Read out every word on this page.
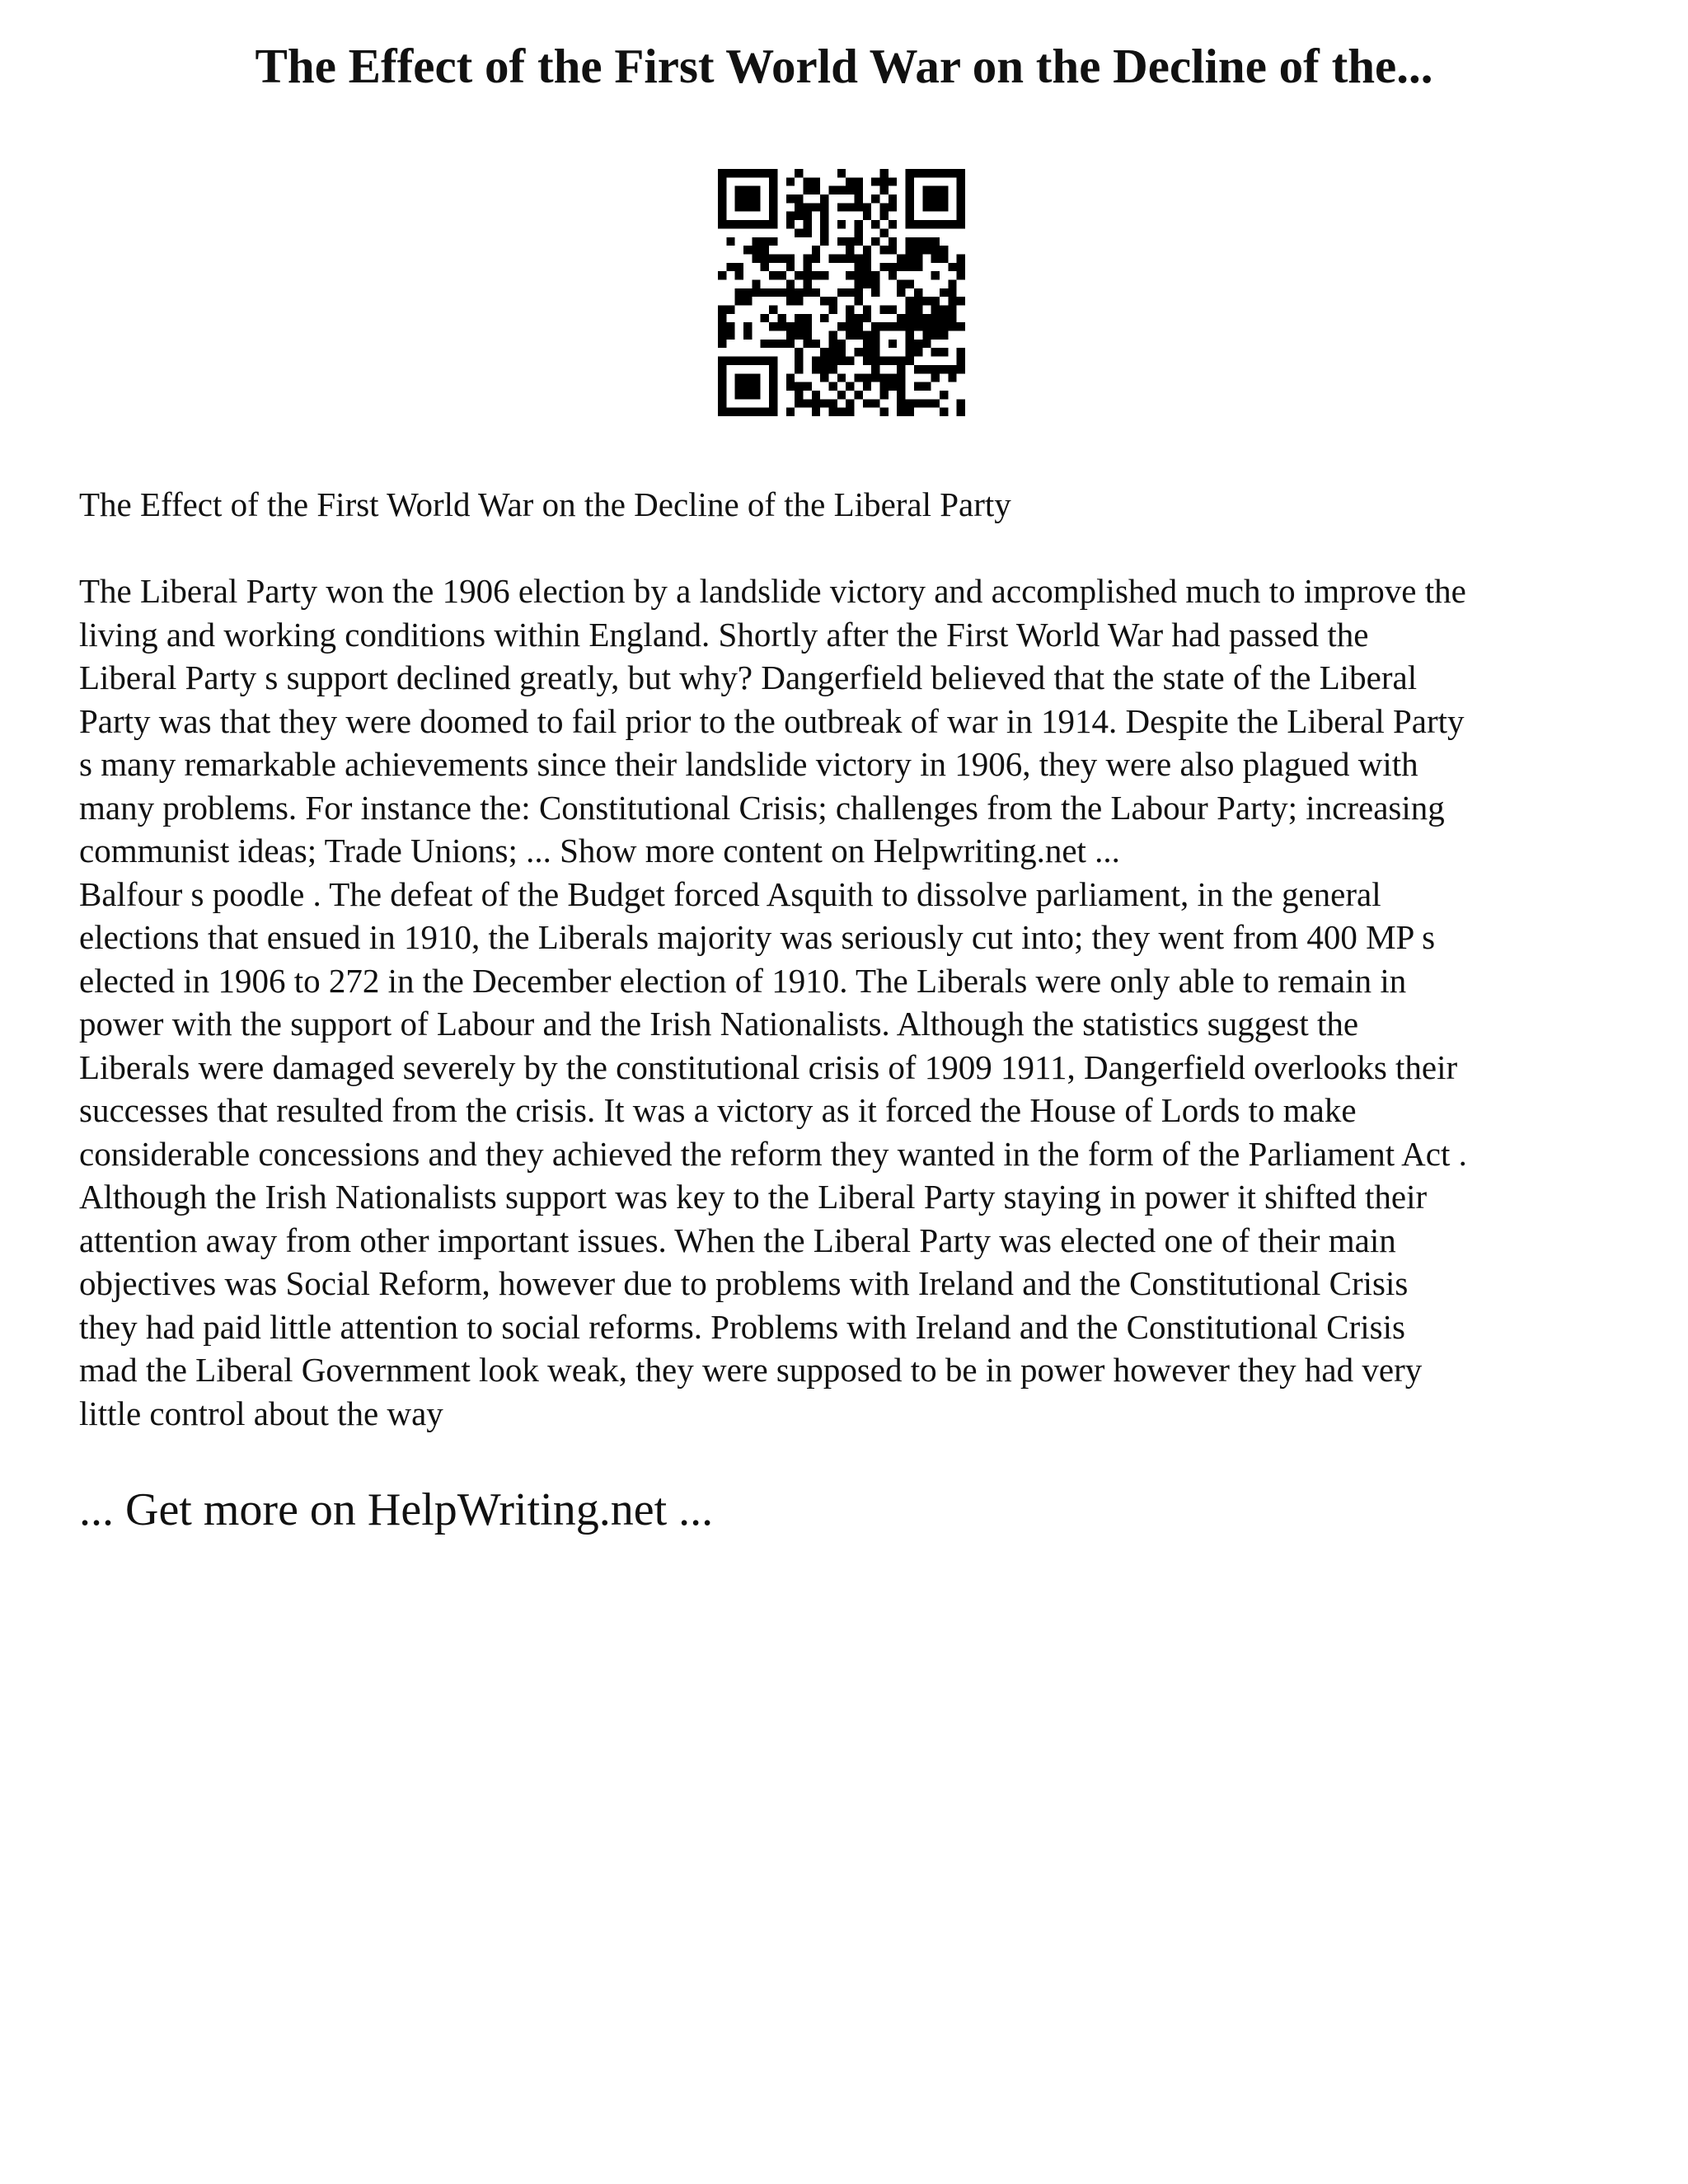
The Effect of the First World War on the Decline of the...
The Effect of the First World War on the Decline of the Liberal Party
The Liberal Party won the 1906 election by a landslide victory and accomplished much to improve the
living and working conditions within England. Shortly after the First World War had passed the
Liberal Party s support declined greatly, but why? Dangerfield believed that the state of the Liberal
Party was that they were doomed to fail prior to the outbreak of war in 1914. Despite the Liberal Party
s many remarkable achievements since their landslide victory in 1906, they were also plagued with
many problems. For instance the: Constitutional Crisis; challenges from the Labour Party; increasing
communist ideas; Trade Unions; ... Show more content on Helpwriting.net ...
Balfour s poodle . The defeat of the Budget forced Asquith to dissolve parliament, in the general
elections that ensued in 1910, the Liberals majority was seriously cut into; they went from 400 MP s
elected in 1906 to 272 in the December election of 1910. The Liberals were only able to remain in
power with the support of Labour and the Irish Nationalists. Although the statistics suggest the
Liberals were damaged severely by the constitutional crisis of 1909 1911, Dangerfield overlooks their
successes that resulted from the crisis. It was a victory as it forced the House of Lords to make
considerable concessions and they achieved the reform they wanted in the form of the Parliament Act .
Although the Irish Nationalists support was key to the Liberal Party staying in power it shifted their
attention away from other important issues. When the Liberal Party was elected one of their main
objectives was Social Reform, however due to problems with Ireland and the Constitutional Crisis
they had paid little attention to social reforms. Problems with Ireland and the Constitutional Crisis
mad the Liberal Government look weak, they were supposed to be in power however they had very
little control about the way
... Get more on HelpWriting.net ...
